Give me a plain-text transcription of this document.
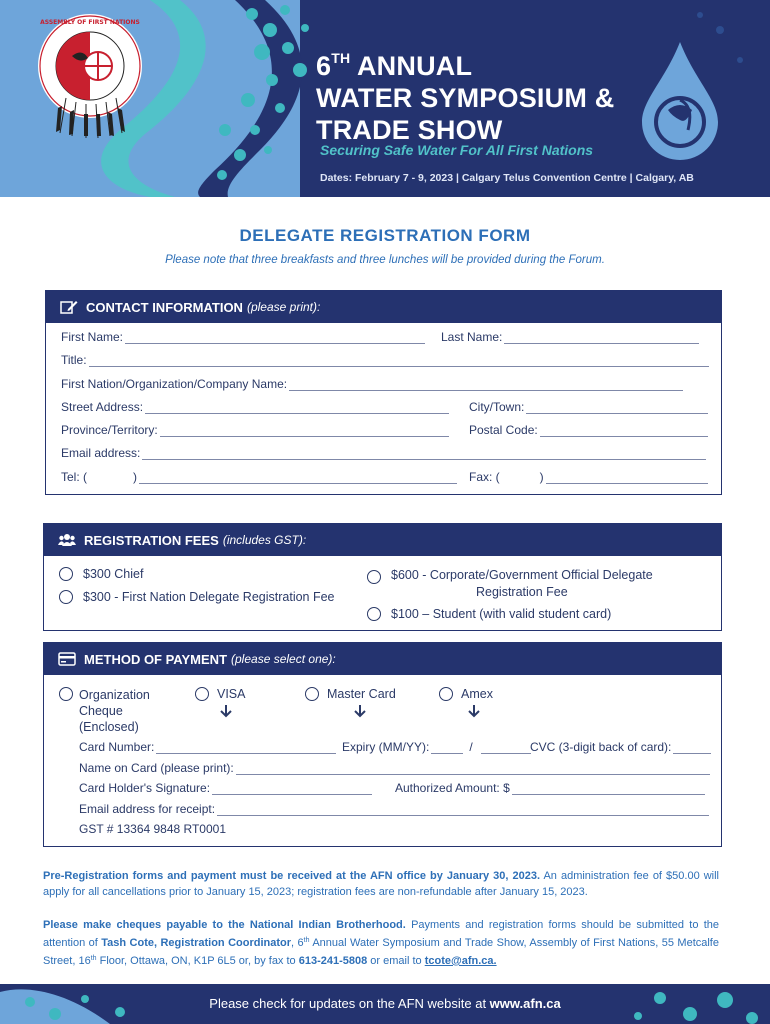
ASSEMBLY OF FIRST NATIONS
6TH ANNUAL
WATER SYMPOSIUM &
TRADE SHOW
Securing Safe Water For All First Nations
Dates: February 7 - 9, 2023 | Calgary Telus Convention Centre | Calgary, AB
DELEGATE REGISTRATION FORM
Please note that three breakfasts and three lunches will be provided during the Forum.
CONTACT INFORMATION (please print):
First Name:	Last Name:
Title:
First Nation/Organization/Company Name:
Street Address:	City/Town:
Province/Territory:	Postal Code:
Email address:
Tel: (	)	Fax: (	)
REGISTRATION FEES (includes GST):
$300 Chief
$300 - First Nation Delegate Registration Fee
$600 - Corporate/Government Official Delegate
Registration Fee
$100 – Student (with valid student card)
METHOD OF PAYMENT (please select one):
Organization
Cheque
(Enclosed)
VISA	Master Card	Amex
Card Number:	Expiry (MM/YY):	/	CVC (3-digit back of card):
Name on Card (please print):
Card Holder's Signature:	Authorized Amount: $
Email address for receipt:
GST # 13364 9848 RT0001
Pre-Registration forms and payment must be received at the AFN office by January 30, 2023. An administration fee of $50.00 will apply for all cancellations prior to January 15, 2023; registration fees are non-refundable after January 15, 2023.
Please make cheques payable to the National Indian Brotherhood. Payments and registration forms should be submitted to the attention of Tash Cote, Registration Coordinator, 6th Annual Water Symposium and Trade Show, Assembly of First Nations, 55 Metcalfe Street, 16th Floor, Ottawa, ON, K1P 6L5 or, by fax to 613-241-5808 or email to tcote@afn.ca.
Please check for updates on the AFN website at www.afn.ca
